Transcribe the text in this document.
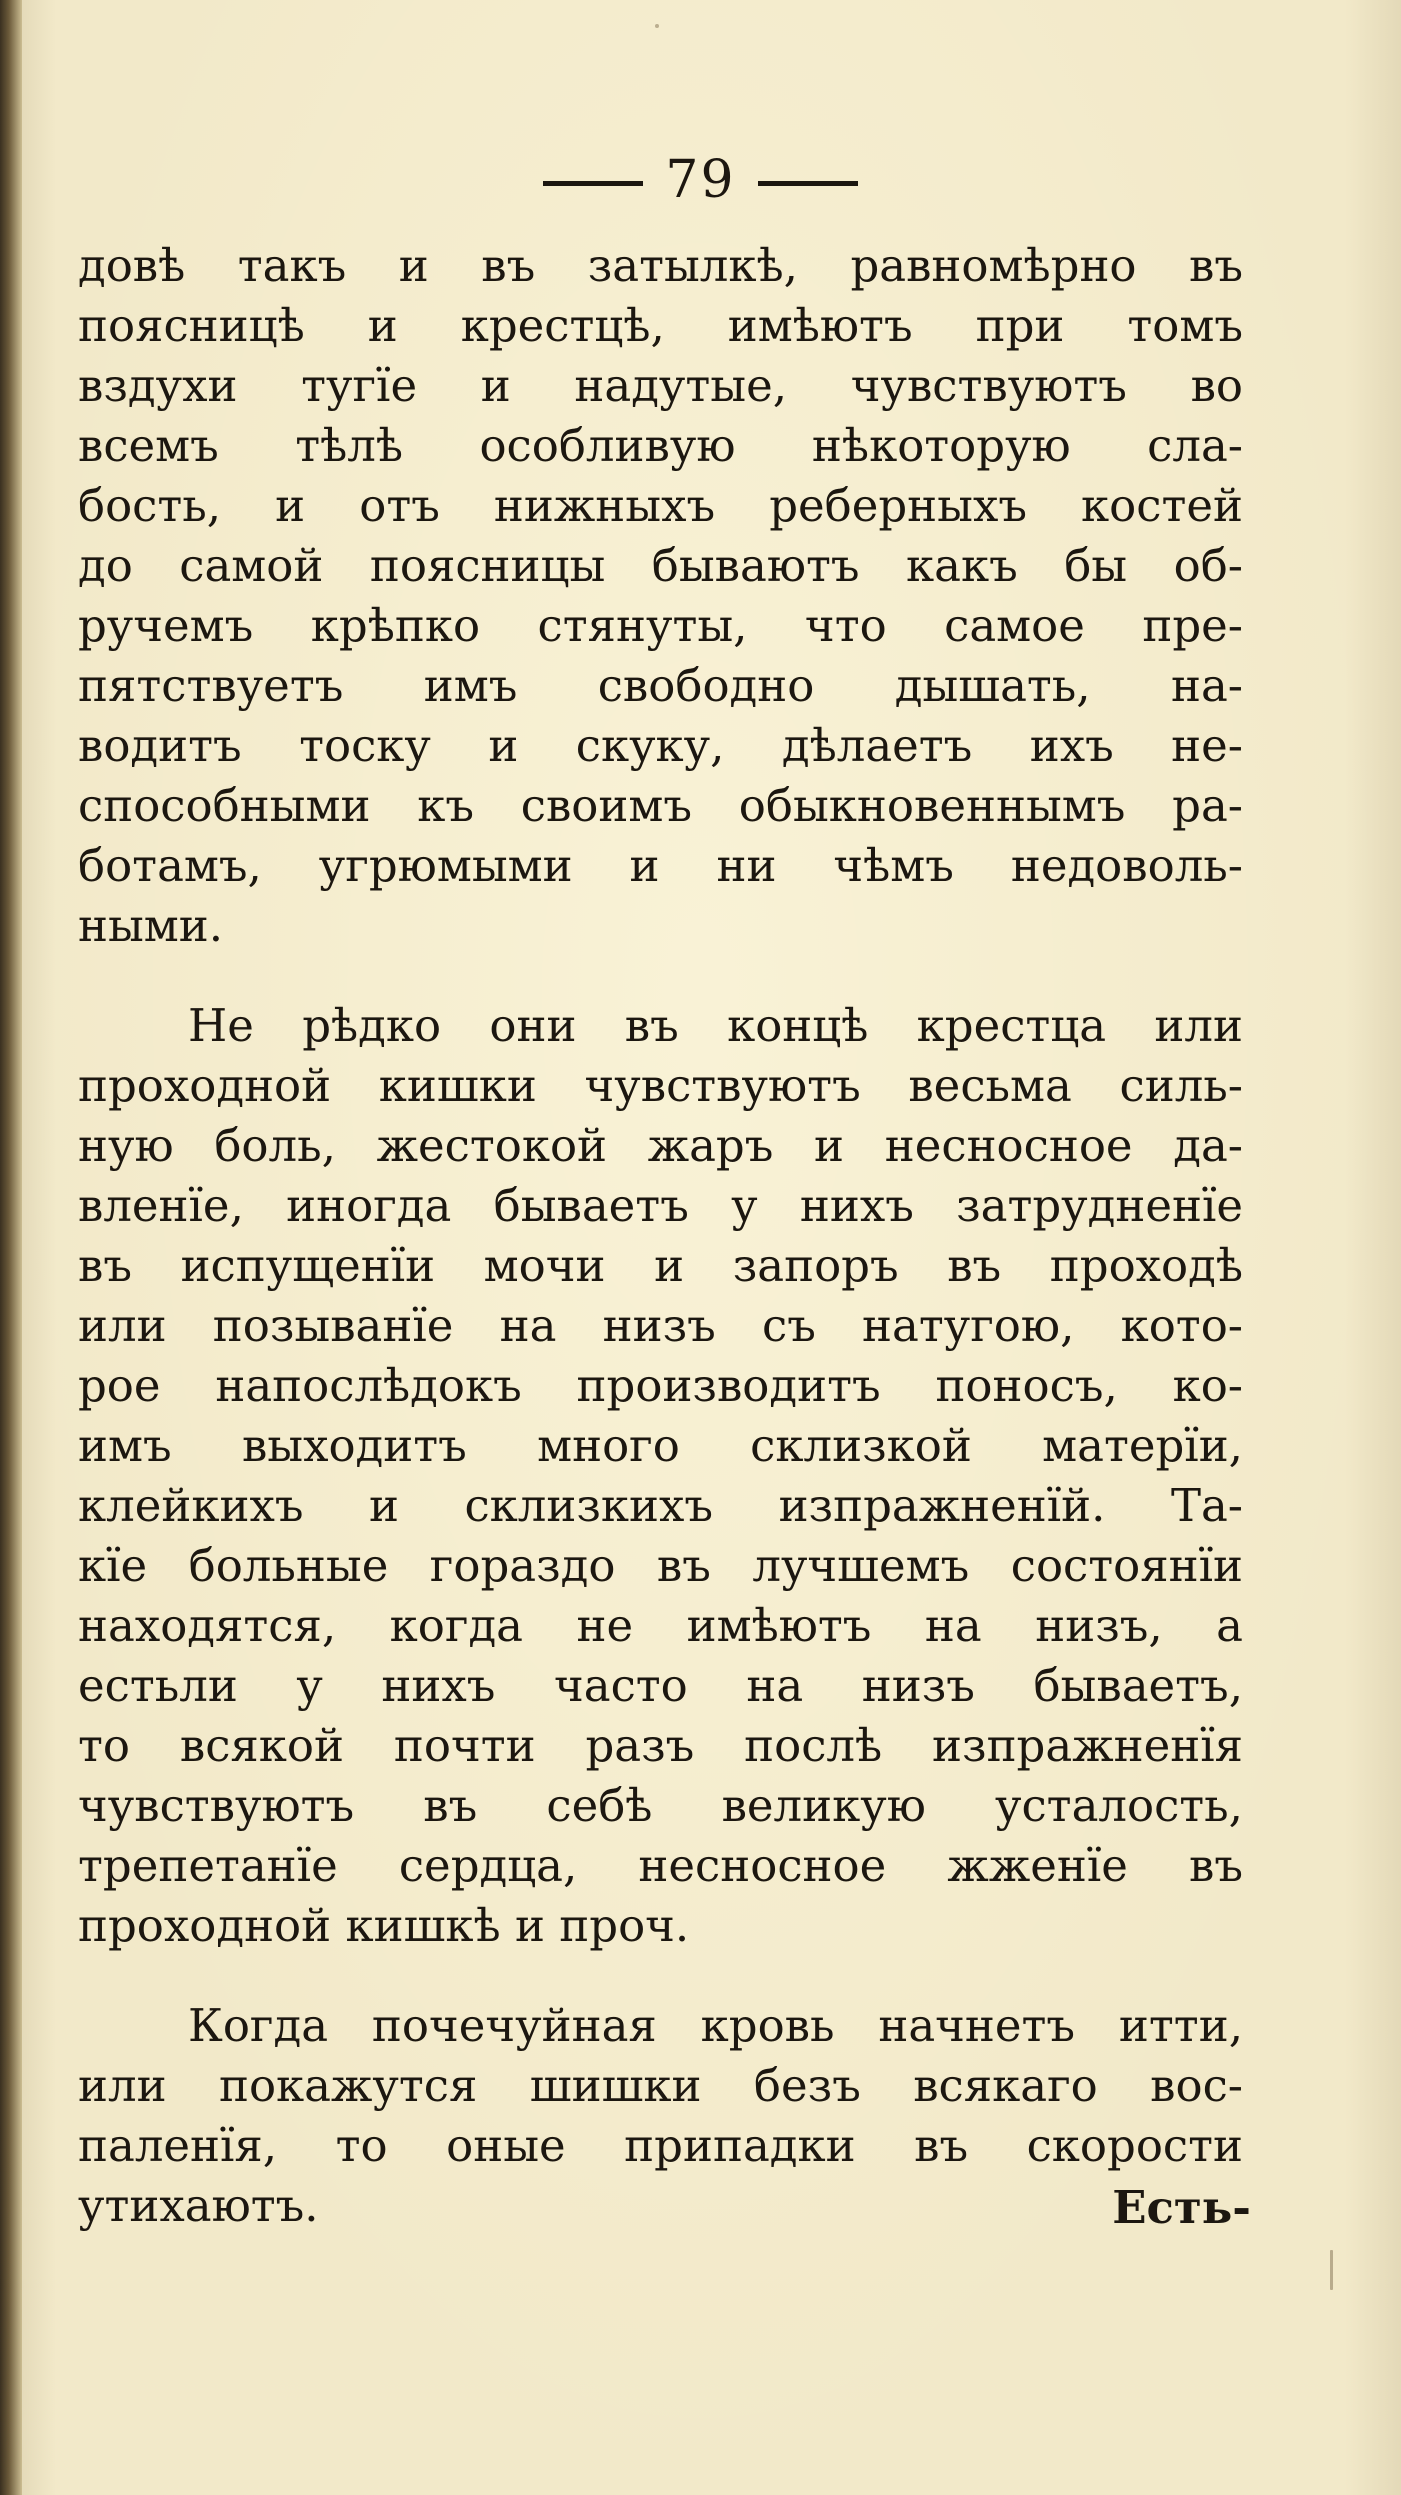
79
довѣ такъ и въ затылкѣ, равномѣрно въ
поясницѣ и крестцѣ, имѣютъ при томъ
вздухи тугїе и надутые, чувствуютъ во
всемъ тѣлѣ особливую нѣкоторую сла-
бость, и отъ нижныхъ реберныхъ костей
до самой поясницы бываютъ какъ бы об-
ручемъ крѣпко стянуты, что самое пре-
пятствуетъ имъ свободно дышать, на-
водитъ тоску и скуку, дѣлаетъ ихъ не-
способными къ своимъ обыкновеннымъ ра-
ботамъ, угрюмыми и ни чѣмъ недоволь-
ными.
Не рѣдко они въ концѣ крестца или
проходной кишки чувствуютъ весьма силь-
ную боль, жестокой жаръ и несносное да-
вленїе, иногда бываетъ у нихъ затрудненїе
въ испущенїи мочи и запоръ въ проходѣ
или позыванїе на низъ съ натугою, кото-
рое напослѣдокъ производитъ поносъ, ко-
имъ выходитъ много склизкой матерїи,
клейкихъ и склизкихъ изпражненїй. Та-
кїе больные гораздо въ лучшемъ состоянїи
находятся, когда не имѣютъ на низъ, а
естьли у нихъ часто на низъ бываетъ,
то всякой почти разъ послѣ изпражненїя
чувствуютъ въ себѣ великую усталость,
трепетанїе сердца, несносное жженїе въ
проходной кишкѣ и проч.
Когда почечуйная кровь начнетъ итти,
или покажутся шишки безъ всякаго вос-
паленїя, то оные припадки въ скорости
утихаютъ.	Есть-
